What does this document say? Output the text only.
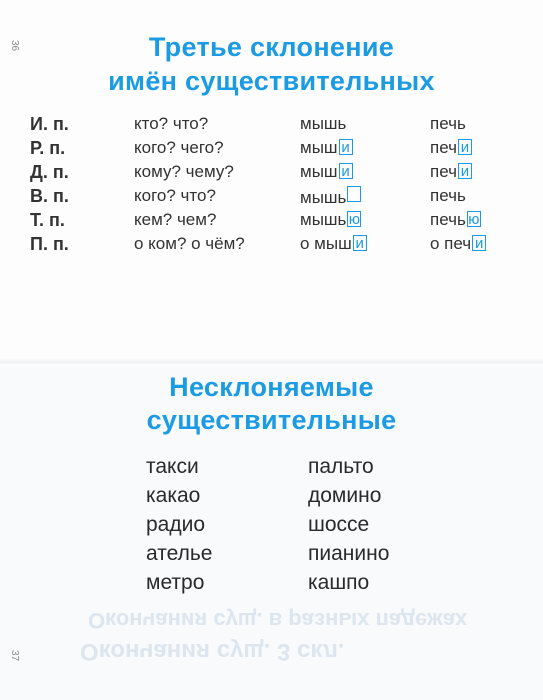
36
37
Третье склонение
имён существительных
И. п.	кто? что?	мышь	печь
Р. п.	кого? чего?	мыш и	печ и
Д. п.	кому? чему?	мыш и	печ и
В. п.	кого? что?	мышь	печь
Т. п.	кем? чем?	мышь ю	печь ю
П. п.	о ком? о чём?	о мыш и	о печ и
Несклоняемые
существительные
такси	пальто
какао	домино
радио	шоссе
ателье	пианино
метро	кашпо
Окончания сущ. в разных падежах
Окончания сущ. 3 скл.
